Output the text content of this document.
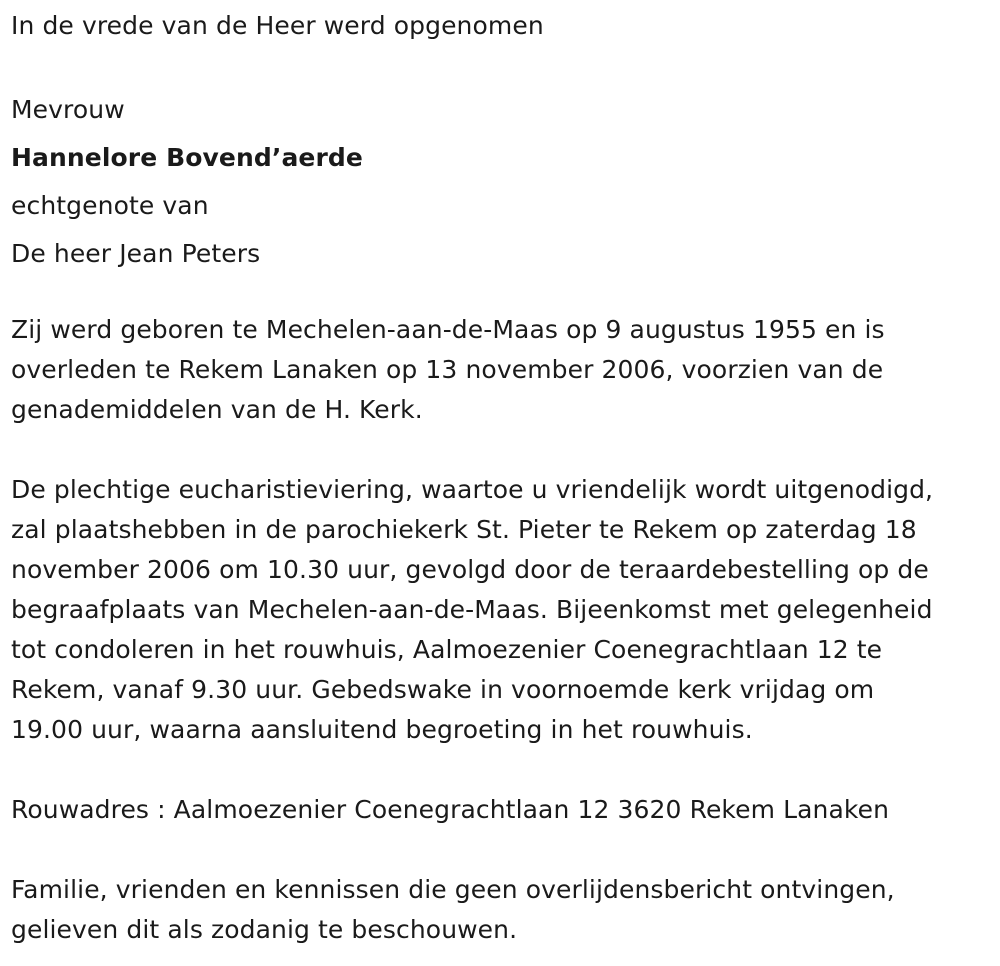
In de vrede van de Heer werd opgenomen

Mevrouw

Hannelore Bovend’aerde

echtgenote van

De heer Jean Peters

Zij werd geboren te Mechelen-aan-de-Maas op 9 augustus 1955 en is

overleden te Rekem Lanaken op 13 november 2006, voorzien van de

genademiddelen van de H. Kerk.

De plechtige eucharistieviering, waartoe u vriendelijk wordt uitgenodigd,

zal plaatshebben in de parochiekerk St. Pieter te Rekem op zaterdag 18

november 2006 om 10.30 uur, gevolgd door de teraardebestelling op de

begraafplaats van Mechelen-aan-de-Maas. Bijeenkomst met gelegenheid

tot condoleren in het rouwhuis, Aalmoezenier Coenegrachtlaan 12 te

Rekem, vanaf 9.30 uur. Gebedswake in voornoemde kerk vrijdag om

19.00 uur, waarna aansluitend begroeting in het rouwhuis.

Rouwadres : Aalmoezenier Coenegrachtlaan 12 3620 Rekem Lanaken

Familie, vrienden en kennissen die geen overlijdensbericht ontvingen,

gelieven dit als zodanig te beschouwen.
